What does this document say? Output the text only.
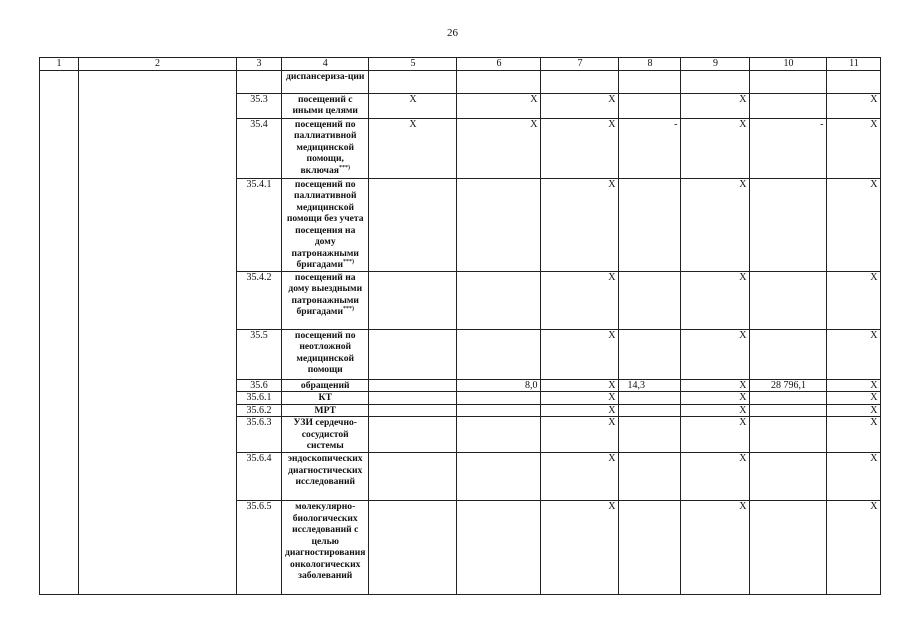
26
1	2	3	4	5	6	7	8	9	10	11
			диспансериза-ции							
		35.3	посещений с иными целями	X	X	X		X		X
		35.4	посещений по паллиативной медицинской помощи, включая***)	X	X	X	-	X	-	X
		35.4.1	посещений по паллиативной медицинской помощи без учета посещения на дому патронажными бригадами***)			X		X		X
		35.4.2	посещений на дому выездными патронажными бригадами***)			X		X		X
		35.5	посещений по неотложной медицинской помощи			X		X		X
		35.6	обращений		8,0	X	14,3	X	28 796,1	X
		35.6.1	КТ			X		X		X
		35.6.2	МРТ			X		X		X
		35.6.3	УЗИ сердечно-сосудистой системы			X		X		X
		35.6.4	эндоскопических диагностических исследований			X		X		X
		35.6.5	молекулярно-биологических исследований с целью диагностирования онкологических заболеваний			X		X		X
